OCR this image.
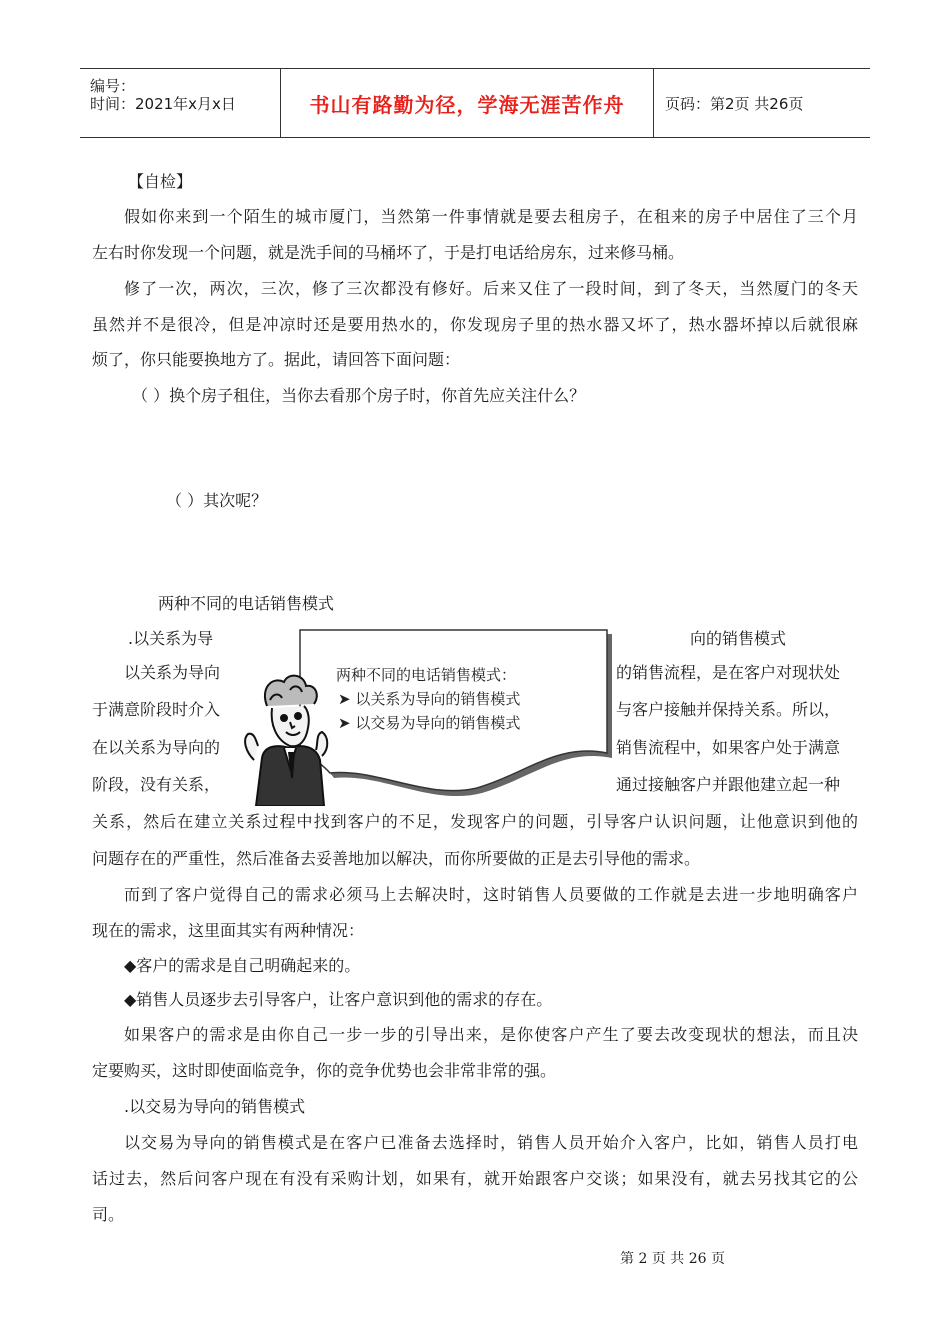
编号：
时间：2021年x月x日	书山有路勤为径，学海无涯苦作舟	页码：第2页 共26页
【自检】
假如你来到一个陌生的城市厦门，当然第一件事情就是要去租房子，在租来的房子中居住了三个月
左右时你发现一个问题，就是洗手间的马桶坏了，于是打电话给房东，过来修马桶。
修了一次，两次，三次，修了三次都没有修好。后来又住了一段时间，到了冬天，当然厦门的冬天
虽然并不是很冷，但是冲凉时还是要用热水的，你发现房子里的热水器又坏了，热水器坏掉以后就很麻
烦了，你只能要换地方了。据此，请回答下面问题：
（ ）换个房子租住，当你去看那个房子时，你首先应关注什么？
（ ）其次呢？
两种不同的电话销售模式
.以关系为导	向的销售模式
以关系为导向	的销售流程，是在客户对现状处
于满意阶段时介入	与客户接触并保持关系。所以，
在以关系为导向的	销售流程中，如果客户处于满意
阶段，没有关系，	通过接触客户并跟他建立起一种
关系，然后在建立关系过程中找到客户的不足，发现客户的问题，引导客户认识问题，让他意识到他的
问题存在的严重性，然后准备去妥善地加以解决，而你所要做的正是去引导他的需求。
而到了客户觉得自己的需求必须马上去解决时，这时销售人员要做的工作就是去进一步地明确客户
现在的需求，这里面其实有两种情况：
◆客户的需求是自己明确起来的。
◆销售人员逐步去引导客户，让客户意识到他的需求的存在。
如果客户的需求是由你自己一步一步的引导出来，是你使客户产生了要去改变现状的想法，而且决
定要购买，这时即使面临竞争，你的竞争优势也会非常非常的强。
.以交易为导向的销售模式
以交易为导向的销售模式是在客户已准备去选择时，销售人员开始介入客户，比如，销售人员打电
话过去，然后问客户现在有没有采购计划，如果有，就开始跟客户交谈；如果没有，就去另找其它的公
司。
两种不同的电话销售模式：
➤ 以关系为导向的销售模式
➤ 以交易为导向的销售模式
第 2 页 共 26 页
